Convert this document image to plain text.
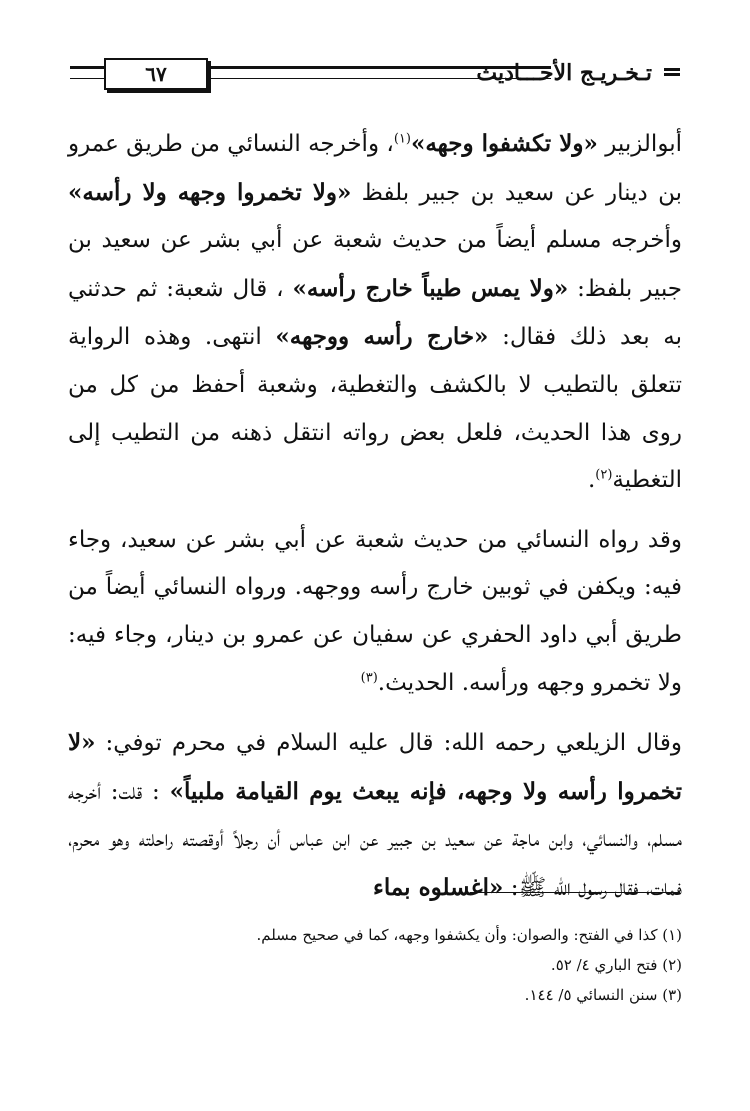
تـخـريـج الأحـــاديث
٦٧

أبوالزبير «ولا تكشفوا وجهه»$^{(١)}$، وأخرجه النسائي من طريق عمرو بن دينار عن سعيد بن جبير بلفظ «ولا تخمروا وجهه ولا رأسه» وأخرجه مسلم أيضاً من حديث شعبة عن أبي بشر عن سعيد بن جبير بلفظ: «ولا يمس طيباً خارج رأسه» ، قال شعبة: ثم حدثني به بعد ذلك فقال: «خارج رأسه ووجهه» انتهى. وهذه الرواية تتعلق بالتطيب لا بالكشف والتغطية، وشعبة أحفظ من كل من روى هذا الحديث، فلعل بعض رواته انتقل ذهنه من التطيب إلى التغطية$^{(٢)}$.

وقد رواه النسائي من حديث شعبة عن أبي بشر عن سعيد، وجاء فيه: ويكفن في ثوبين خارج رأسه ووجهه. ورواه النسائي أيضاً من طريق أبي داود الحفري عن سفيان عن عمرو بن دينار، وجاء فيه: ولا تخمرو وجهه ورأسه. الحديث.$^{(٣)}$

وقال الزيلعي رحمه الله: قال عليه السلام في محرم توفي: «لا تخمروا رأسه ولا وجهه، فإنه يبعث يوم القيامة ملبياً» : قلت: أخرجه مسلم، والنسائي، وابن ماجة عن سعيد بن جبير عن ابن عباس أن رجلاً أوقصته راحلته وهو محرم، فمات، فقال رسول الله ﷺ: «اغسلوه بماء

(١) كذا في الفتح: والصوان: وأن يكشفوا وجهه، كما في صحيح مسلم.
(٢) فتح الباري ٤/ ٥٢.
(٣) سنن النسائي ٥/ ١٤٤.
